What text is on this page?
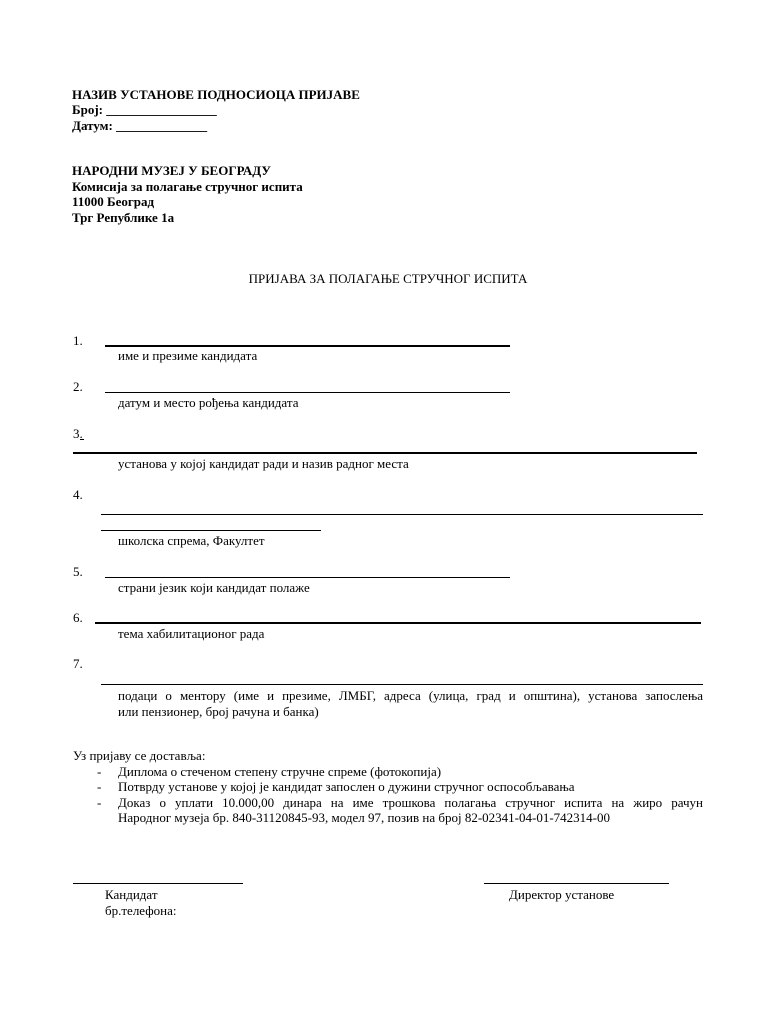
НАЗИВ УСТАНОВЕ ПОДНОСИОЦА ПРИЈАВЕ
Број: _________________
Датум: ______________
НАРОДНИ МУЗЕЈ У БЕОГРАДУ
Комисија за полагање стручног испита
11000 Београд
Трг Републике 1а
ПРИЈАВА ЗА ПОЛАГАЊЕ СТРУЧНОГ ИСПИТА
1.
име и презиме кандидата
2.
датум и место рођења кандидата
3.
установа у којој кандидат ради и назив радног места
4.
школска спрема, Факултет
5.
страни језик који кандидат полаже
6.
тема хабилитационог рада
7.
подаци о ментору (име и презиме, ЛМБГ, адреса (улица, град и општина), установа запослења
или пензионер, број рачуна и банка)
Уз пријаву се доставља:
- Диплома о стеченом степену стручне спреме (фотокопија)
- Потврду установе у којој је кандидат запослен о дужини стручног оспособљавања
- Доказ о уплати 10.000,00 динара на име трошкова полагања стручног испита на жиро рачун
Народног музеја бр. 840-31120845-93, модел 97, позив на број 82-02341-04-01-742314-00
Кандидат
бр.телефона:
Директор установе
